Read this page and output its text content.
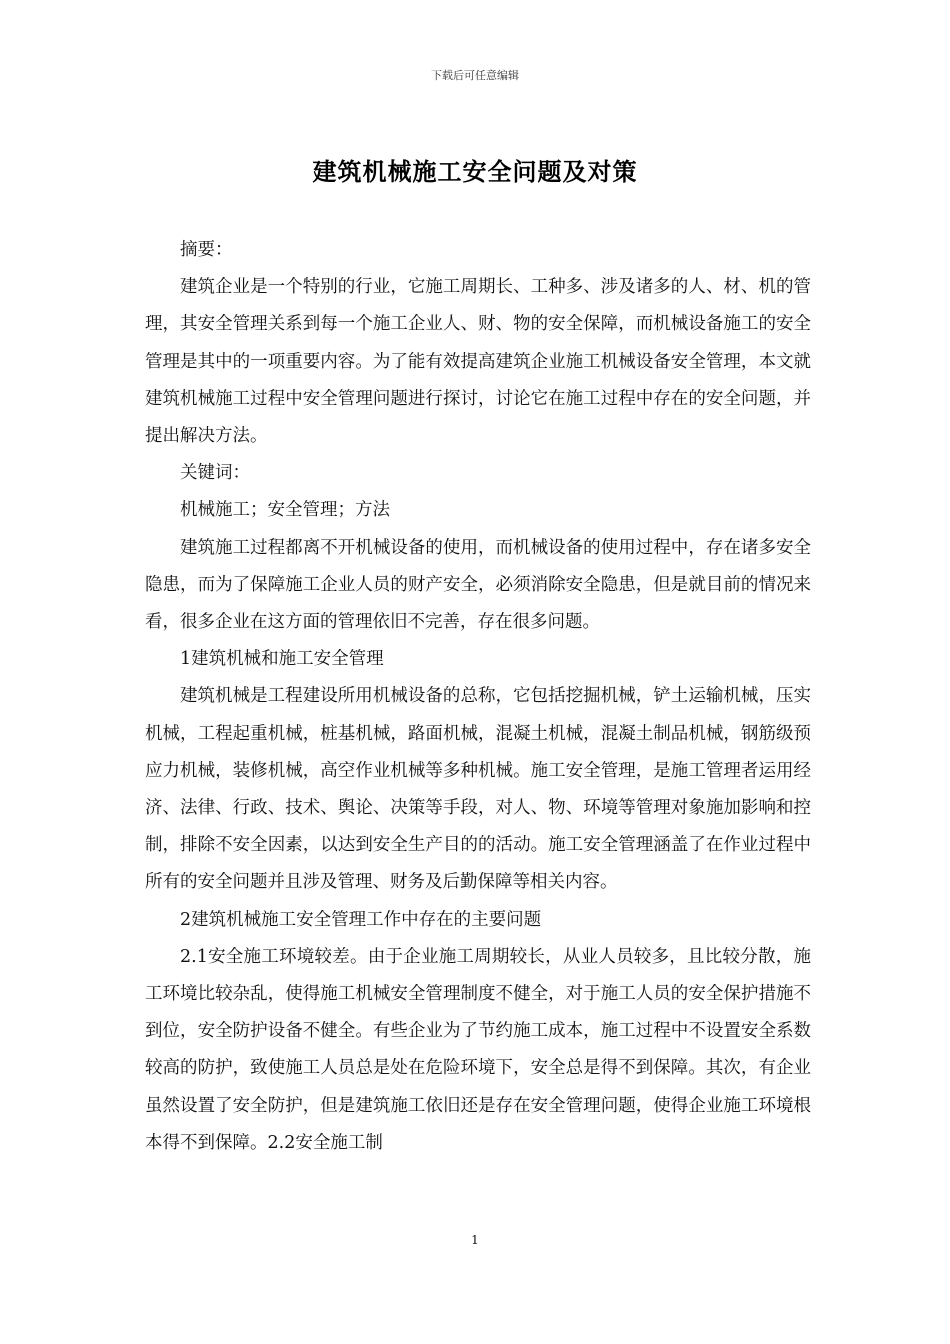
下载后可任意编辑
建筑机械施工安全问题及对策

摘要：

建筑企业是一个特别的行业，它施工周期长、工种多、涉及诸多的人、材、机的管理，其安全管理关系到每一个施工企业人、财、物的安全保障，而机械设备施工的安全管理是其中的一项重要内容。为了能有效提高建筑企业施工机械设备安全管理，本文就建筑机械施工过程中安全管理问题进行探讨，讨论它在施工过程中存在的安全问题，并提出解决方法。

关键词：

机械施工；安全管理；方法

建筑施工过程都离不开机械设备的使用，而机械设备的使用过程中，存在诸多安全隐患，而为了保障施工企业人员的财产安全，必须消除安全隐患，但是就目前的情况来看，很多企业在这方面的管理依旧不完善，存在很多问题。

1建筑机械和施工安全管理

建筑机械是工程建设所用机械设备的总称，它包括挖掘机械，铲土运输机械，压实机械，工程起重机械，桩基机械，路面机械，混凝土机械，混凝土制品机械，钢筋级预应力机械，装修机械，高空作业机械等多种机械。施工安全管理，是施工管理者运用经济、法律、行政、技术、舆论、决策等手段，对人、物、环境等管理对象施加影响和控制，排除不安全因素，以达到安全生产目的的活动。施工安全管理涵盖了在作业过程中所有的安全问题并且涉及管理、财务及后勤保障等相关内容。

2建筑机械施工安全管理工作中存在的主要问题

2.1安全施工环境较差。由于企业施工周期较长，从业人员较多，且比较分散，施工环境比较杂乱，使得施工机械安全管理制度不健全，对于施工人员的安全保护措施不到位，安全防护设备不健全。有些企业为了节约施工成本，施工过程中不设置安全系数较高的防护，致使施工人员总是处在危险环境下，安全总是得不到保障。其次，有企业虽然设置了安全防护，但是建筑施工依旧还是存在安全管理问题，使得企业施工环境根本得不到保障。2.2安全施工制

1
